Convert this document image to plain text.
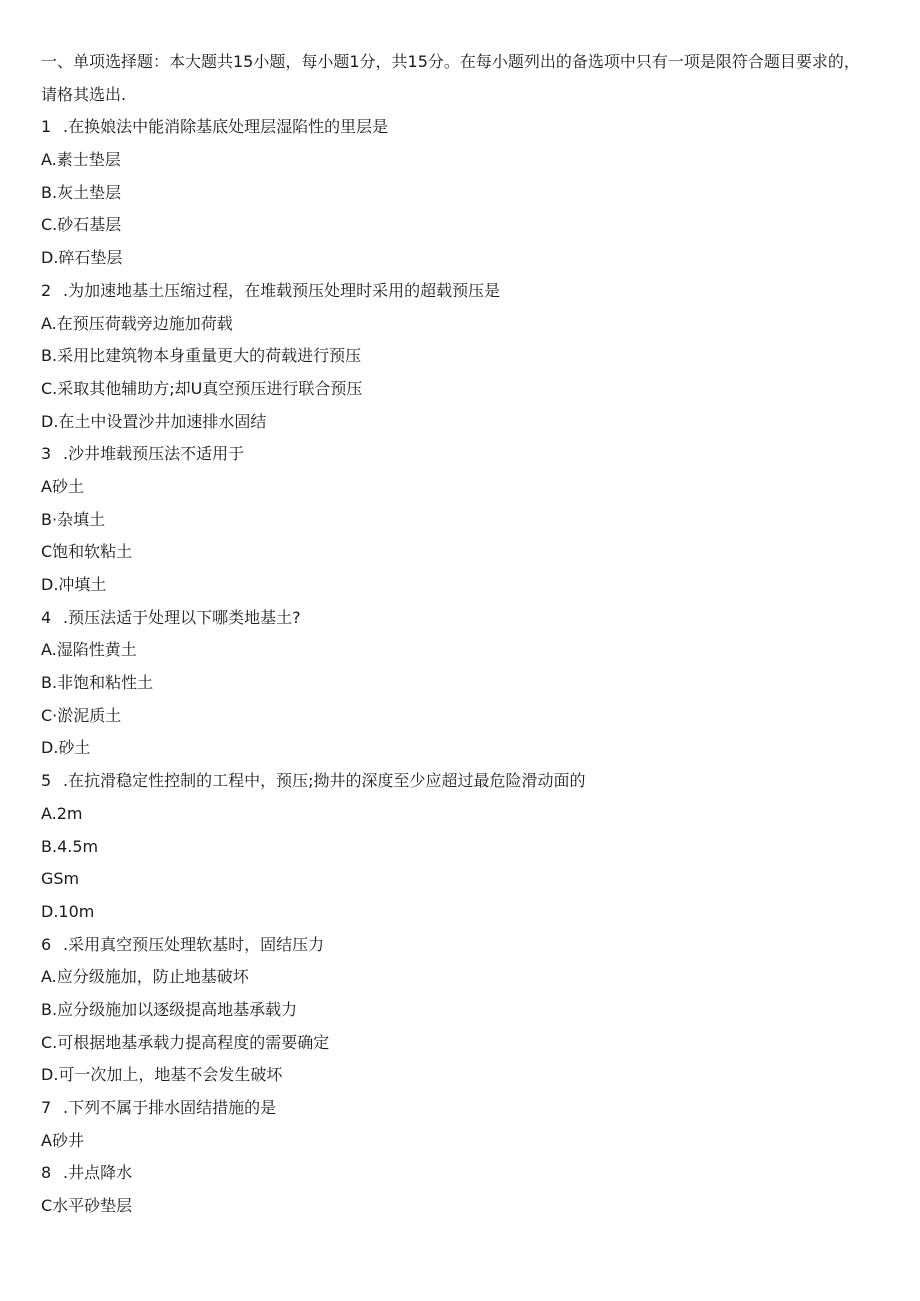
一、单项选择题：本大题共15小题，每小题1分，共15分。在每小题列出的备选项中只有一项是限符合题目要求的，请格其选出.
1 .在换娘法中能消除基底处理层湿陷性的里层是
A.素士垫层
B.灰土垫层
C.砂石基层
D.碎石垫层
2 .为加速地基土压缩过程，在堆载预压处理时采用的超载预压是
A.在预压荷载旁边施加荷载
B.采用比建筑物本身重量更大的荷载进行预压
C.采取其他辅助方;却U真空预压进行联合预压
D.在土中设置沙井加速排水固结
3 .沙井堆载预压法不适用于
A砂土
B·杂填土
C饱和软粘土
D.冲填土
4 .预压法适于处理以下哪类地基土?
A.湿陷性黄土
B.非饱和粘性土
C·淤泥质土
D.砂土
5 .在抗滑稳定性控制的工程中，预压;拗井的深度至少应超过最危险滑动面的
A.2m
B.4.5m
GSm
D.10m
6 .采用真空预压处理软基时，固结压力
A.应分级施加，防止地基破坏
B.应分级施加以逐级提高地基承载力
C.可根据地基承载力提高程度的需要确定
D.可一次加上，地基不会发生破坏
7 .下列不属于排水固结措施的是
A砂井
8 .井点降水
C水平砂垫层
